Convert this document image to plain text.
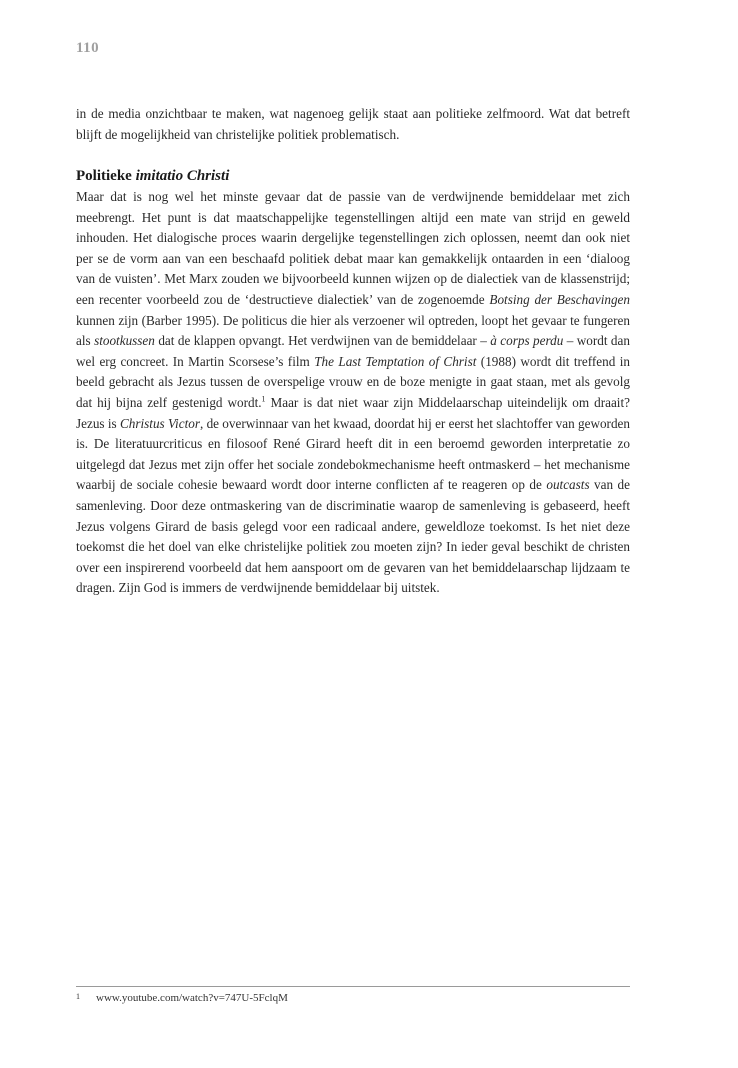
110
in de media onzichtbaar te maken, wat nagenoeg gelijk staat aan politieke zelfmoord. Wat dat betreft blijft de mogelijkheid van christelijke politiek problematisch.
Politieke imitatio Christi

Maar dat is nog wel het minste gevaar dat de passie van de verdwijnende bemiddelaar met zich meebrengt. Het punt is dat maatschappelijke tegenstellingen altijd een mate van strijd en geweld inhouden. Het dialogische proces waarin dergelijke tegenstellingen zich oplossen, neemt dan ook niet per se de vorm aan van een beschaafd politiek debat maar kan gemakkelijk ontaarden in een ‘dialoog van de vuisten’. Met Marx zouden we bijvoorbeeld kunnen wijzen op de dialectiek van de klassenstrijd; een recenter voorbeeld zou de ‘destructieve dialectiek’ van de zogenoemde Botsing der Beschavingen kunnen zijn (Barber 1995). De politicus die hier als verzoener wil optreden, loopt het gevaar te fungeren als stootkussen dat de klappen opvangt. Het verdwijnen van de bemiddelaar – à corps perdu – wordt dan wel erg concreet. In Martin Scorsese’s film The Last Temptation of Christ (1988) wordt dit treffend in beeld gebracht als Jezus tussen de overspelige vrouw en de boze menigte in gaat staan, met als gevolg dat hij bijna zelf gestenigd wordt.$^1$ Maar is dat niet waar zijn Middelaarschap uiteindelijk om draait? Jezus is Christus Victor, de overwinnaar van het kwaad, doordat hij er eerst het slachtoffer van geworden is. De literatuurcriticus en filosoof René Girard heeft dit in een beroemd geworden interpretatie zo uitgelegd dat Jezus met zijn offer het sociale zondebokmechanisme heeft ontmaskerd – het mechanisme waarbij de sociale cohesie bewaard wordt door interne conflicten af te reageren op de outcasts van de samenleving. Door deze ontmaskering van de discriminatie waarop de samenleving is gebaseerd, heeft Jezus volgens Girard de basis gelegd voor een radicaal andere, geweldloze toekomst. Is het niet deze toekomst die het doel van elke christelijke politiek zou moeten zijn? In ieder geval beschikt de christen over een inspirerend voorbeeld dat hem aanspoort om de gevaren van het bemiddelaarschap lijdzaam te dragen. Zijn God is immers de verdwijnende bemiddelaar bij uitstek.

1 www.youtube.com/watch?v=747U-5FclqM
